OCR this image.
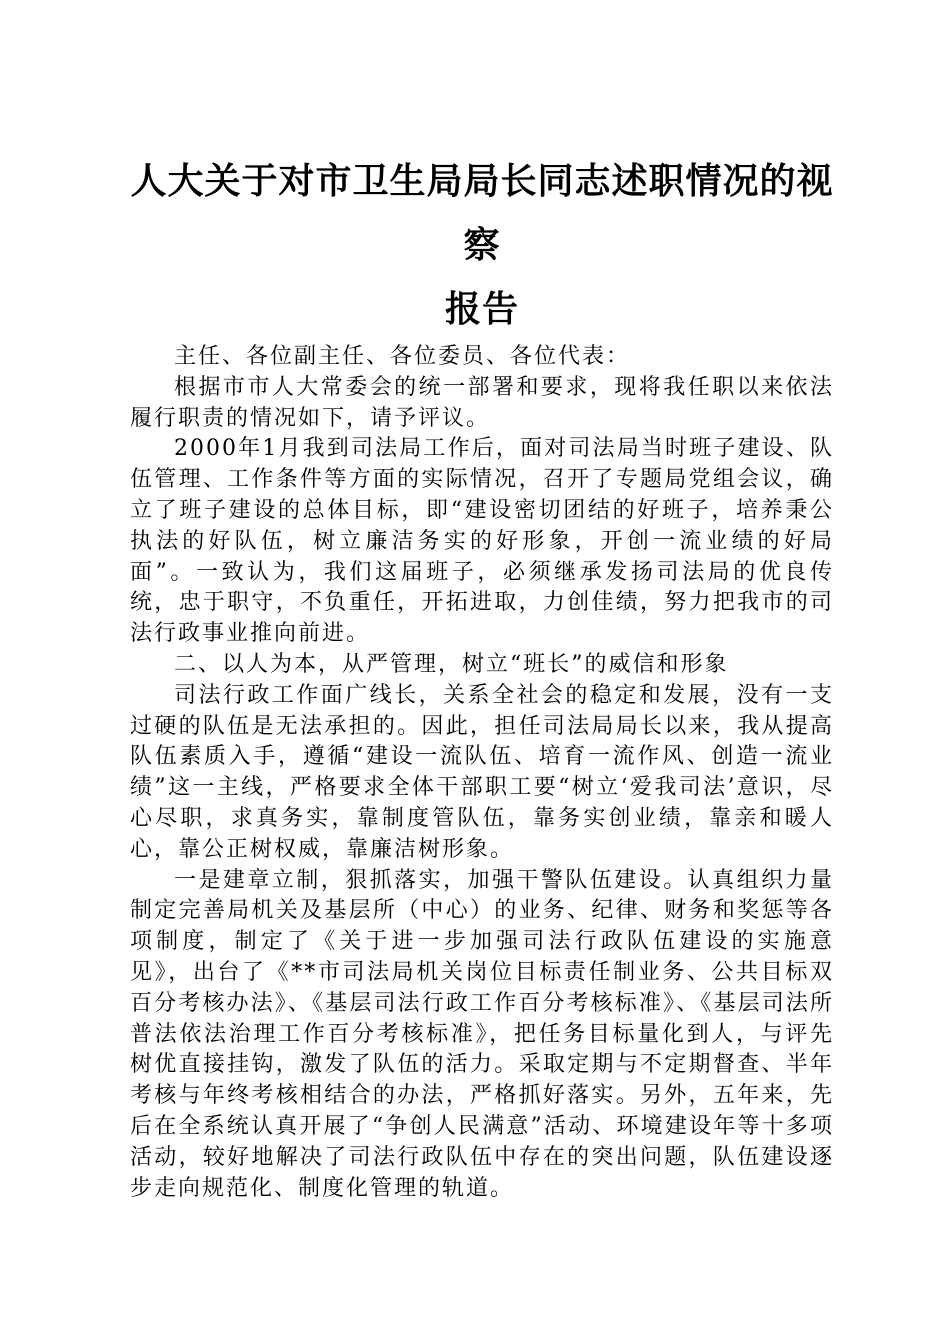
人大关于对市卫生局局长同志述职情况的视察
报告

主任、各位副主任、各位委员、各位代表：

根据市市人大常委会的统一部署和要求，现将我任职以来依法履行职责的情况如下，请予评议。

2000年1月我到司法局工作后，面对司法局当时班子建设、队伍管理、工作条件等方面的实际情况，召开了专题局党组会议，确立了班子建设的总体目标，即“建设密切团结的好班子，培养秉公执法的好队伍，树立廉洁务实的好形象，开创一流业绩的好局面”。一致认为，我们这届班子，必须继承发扬司法局的优良传统，忠于职守，不负重任，开拓进取，力创佳绩，努力把我市的司法行政事业推向前进。

二、以人为本，从严管理，树立“班长”的威信和形象

司法行政工作面广线长，关系全社会的稳定和发展，没有一支过硬的队伍是无法承担的。因此，担任司法局局长以来，我从提高队伍素质入手，遵循“建设一流队伍、培育一流作风、创造一流业绩”这一主线，严格要求全体干部职工要“树立‘爱我司法’意识，尽心尽职，求真务实，靠制度管队伍，靠务实创业绩，靠亲和暖人心，靠公正树权威，靠廉洁树形象。

一是建章立制，狠抓落实，加强干警队伍建设。认真组织力量制定完善局机关及基层所（中心）的业务、纪律、财务和奖惩等各项制度，制定了《关于进一步加强司法行政队伍建设的实施意见》，出台了《**市司法局机关岗位目标责任制业务、公共目标双百分考核办法》、《基层司法行政工作百分考核标准》、《基层司法所普法依法治理工作百分考核标准》，把任务目标量化到人，与评先树优直接挂钩，激发了队伍的活力。采取定期与不定期督查、半年考核与年终考核相结合的办法，严格抓好落实。另外，五年来，先后在全系统认真开展了“争创人民满意”活动、环境建设年等十多项活动，较好地解决了司法行政队伍中存在的突出问题，队伍建设逐步走向规范化、制度化管理的轨道。
